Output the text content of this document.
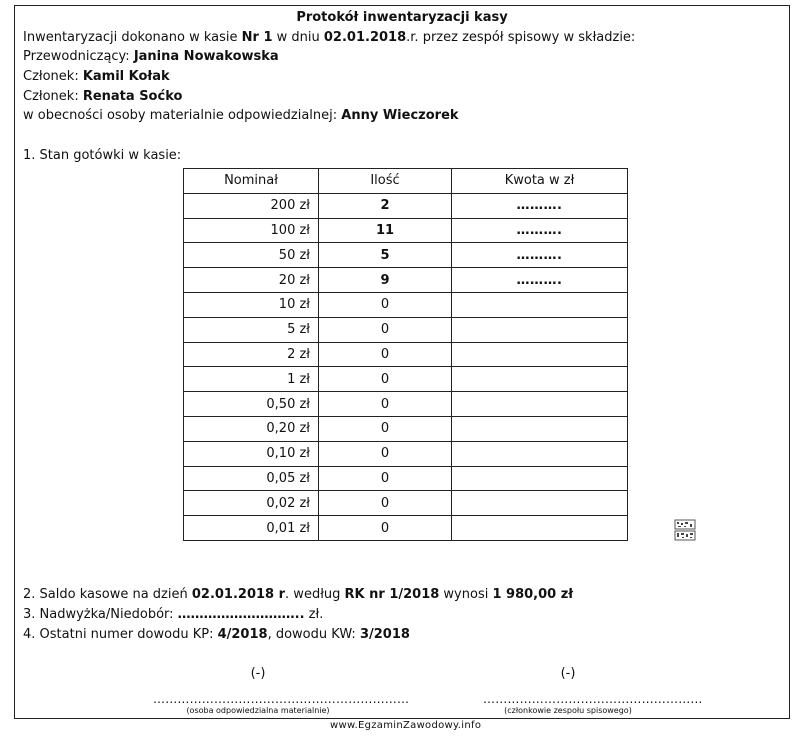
Protokół inwentaryzacji kasy
Inwentaryzacji dokonano w kasie Nr 1 w dniu 02.01.2018.r. przez zespół spisowy w składzie:
Przewodniczący: Janina Nowakowska
Członek: Kamil Kołak
Członek: Renata Soćko
w obecności osoby materialnie odpowiedzialnej: Anny Wieczorek
1. Stan gotówki w kasie:
Nominał	Ilość	Kwota w zł
200 zł	2	……….
100 zł	11	……….
50 zł	5	……….
20 zł	9	……….
10 zł	0	
5 zł	0	
2 zł	0	
1 zł	0	
0,50 zł	0	
0,20 zł	0	
0,10 zł	0	
0,05 zł	0	
0,02 zł	0	
0,01 zł	0	
2. Saldo kasowe na dzień 02.01.2018 r. według RK nr 1/2018 wynosi 1 980,00 zł
3. Nadwyżka/Niedobór: ……………………….. zł.
4. Ostatni numer dowodu KP: 4/2018, dowodu KW: 3/2018
(-)
………………………………………………………
(osoba odpowiedzialna materialnie)
(-)
………………………………………………
(członkowie zespołu spisowego)
www.EgzaminZawodowy.info
